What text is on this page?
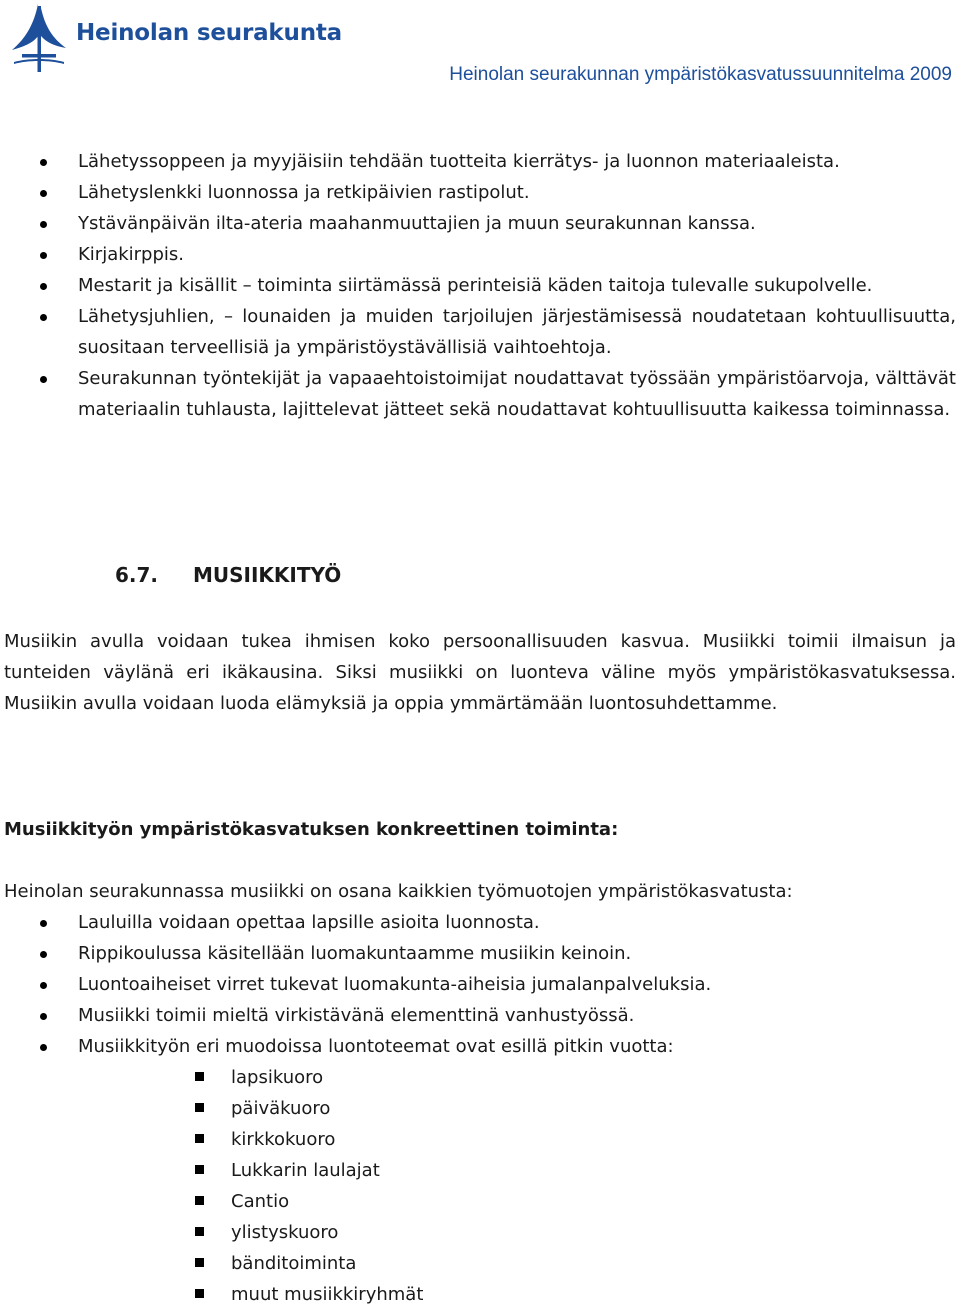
Heinolan seurakunta
Heinolan seurakunnan ympäristökasvatussuunnitelma 2009
Lähetyssoppeen ja myyjäisiin tehdään tuotteita kierrätys- ja luonnon materiaaleista.
Lähetyslenkki luonnossa ja retkipäivien rastipolut.
Ystävänpäivän ilta-ateria maahanmuuttajien ja muun seurakunnan kanssa.
Kirjakirppis.
Mestarit ja kisällit – toiminta siirtämässä perinteisiä käden taitoja tulevalle sukupolvelle.
Lähetysjuhlien, – lounaiden ja muiden tarjoilujen järjestämisessä noudatetaan kohtuullisuutta, suositaan terveellisiä ja ympäristöystävällisiä vaihtoehtoja.
Seurakunnan työntekijät ja vapaaehtoistoimijat noudattavat työssään ympäristöarvoja, välttävät materiaalin tuhlausta, lajittelevat jätteet sekä noudattavat kohtuullisuutta kaikessa toiminnassa.
6.7. MUSIIKKITYÖ
Musiikin avulla voidaan tukea ihmisen koko persoonallisuuden kasvua. Musiikki toimii ilmaisun ja tunteiden väylänä eri ikäkausina. Siksi musiikki on luonteva väline myös ympäristökasvatuksessa. Musiikin avulla voidaan luoda elämyksiä ja oppia ymmärtämään luontosuhdettamme.
Musiikkityön ympäristökasvatuksen konkreettinen toiminta:
Heinolan seurakunnassa musiikki on osana kaikkien työmuotojen ympäristökasvatusta:
Lauluilla voidaan opettaa lapsille asioita luonnosta.
Rippikoulussa käsitellään luomakuntaamme musiikin keinoin.
Luontoaiheiset virret tukevat luomakunta-aiheisia jumalanpalveluksia.
Musiikki toimii mieltä virkistävänä elementtinä vanhustyössä.
Musiikkityön eri muodoissa luontoteemat ovat esillä pitkin vuotta:
lapsikuoro
päiväkuoro
kirkkokuoro
Lukkarin laulajat
Cantio
ylistyskuoro
bänditoiminta
muut musiikkiryhmät
